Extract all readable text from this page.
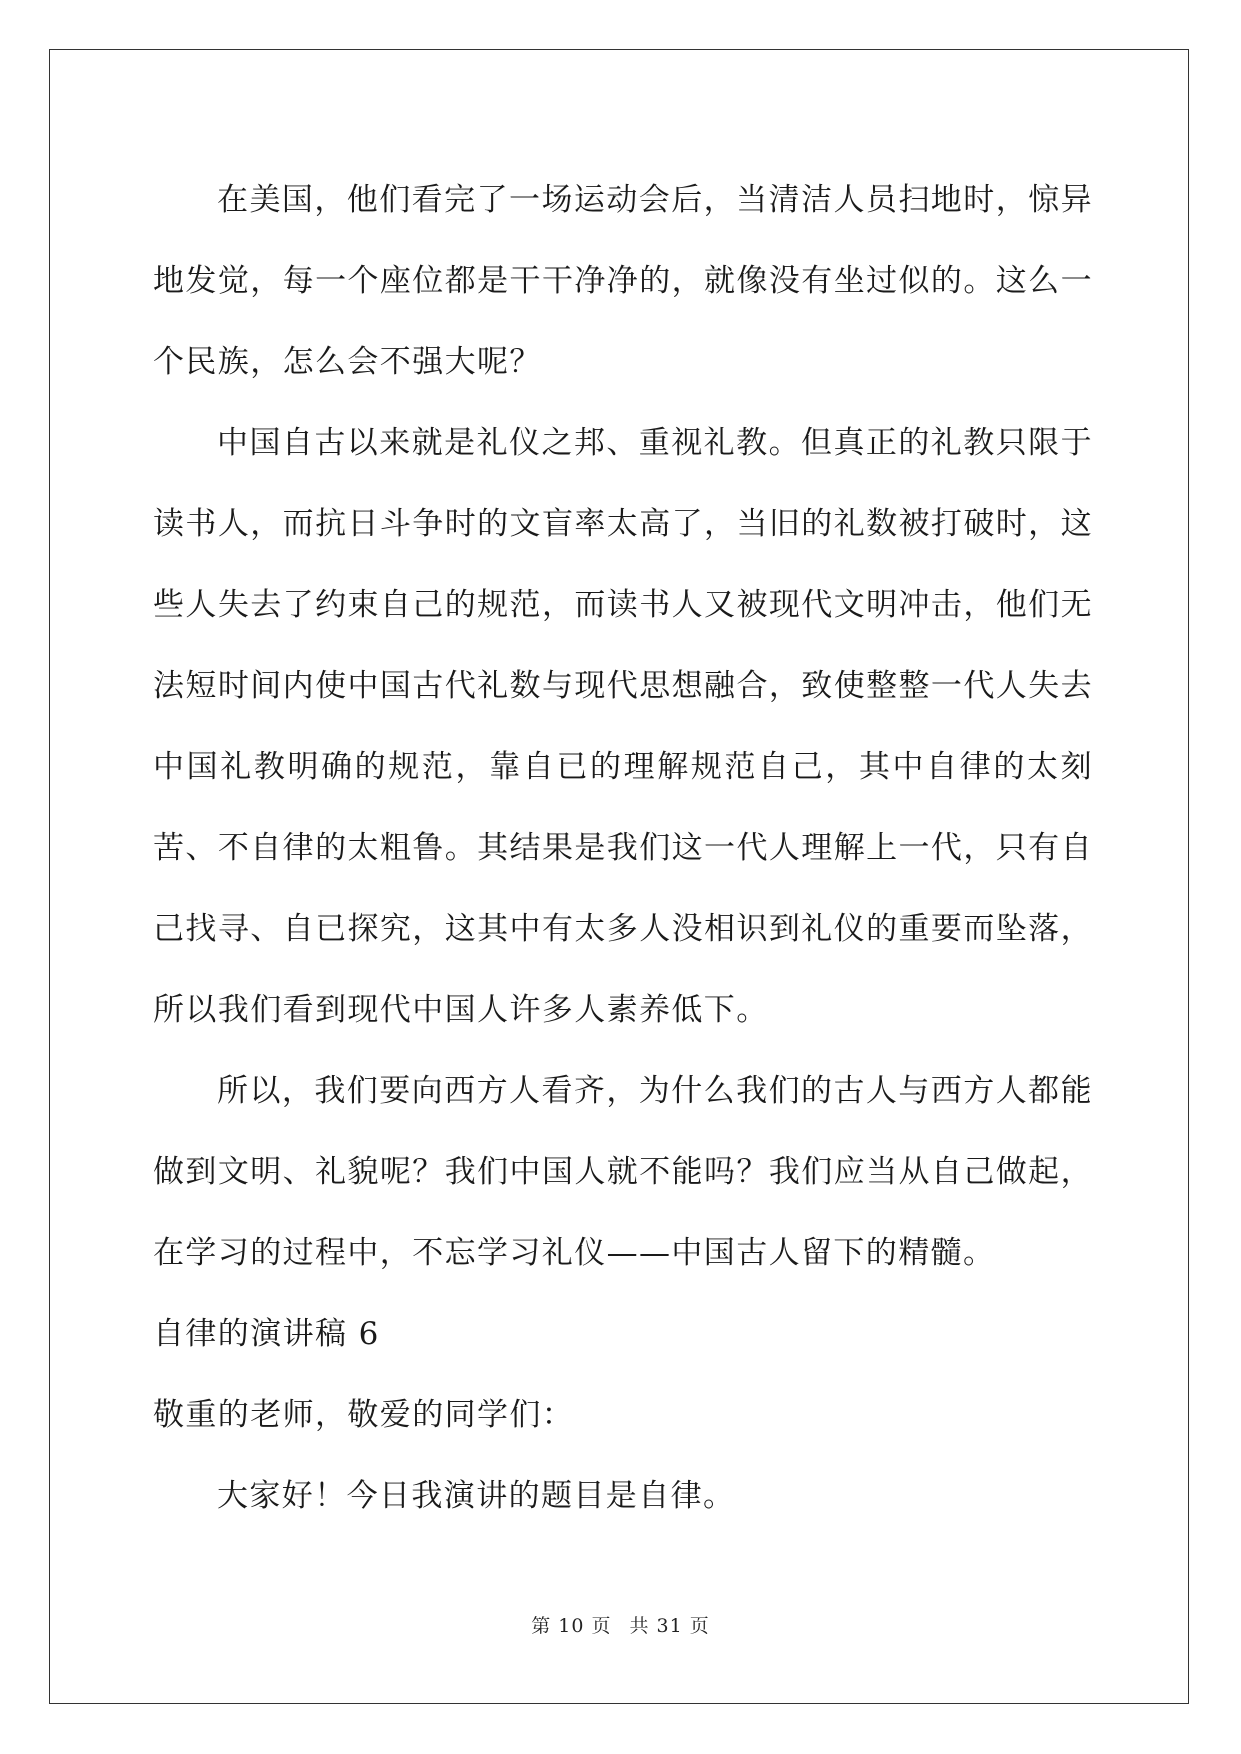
在美国，他们看完了一场运动会后，当清洁人员扫地时，惊异地发觉，每一个座位都是干干净净的，就像没有坐过似的。这么一个民族，怎么会不强大呢？

中国自古以来就是礼仪之邦、重视礼教。但真正的礼教只限于读书人，而抗日斗争时的文盲率太高了，当旧的礼数被打破时，这些人失去了约束自己的规范，而读书人又被现代文明冲击，他们无法短时间内使中国古代礼数与现代思想融合，致使整整一代人失去中国礼教明确的规范，靠自已的理解规范自己，其中自律的太刻苦、不自律的太粗鲁。其结果是我们这一代人理解上一代，只有自己找寻、自已探究，这其中有太多人没相识到礼仪的重要而坠落，所以我们看到现代中国人许多人素养低下。

所以，我们要向西方人看齐，为什么我们的古人与西方人都能做到文明、礼貌呢？我们中国人就不能吗？我们应当从自己做起，在学习的过程中，不忘学习礼仪——中国古人留下的精髓。

自律的演讲稿 6

敬重的老师，敬爱的同学们：

大家好！今日我演讲的题目是自律。

第 10 页 共 31 页
